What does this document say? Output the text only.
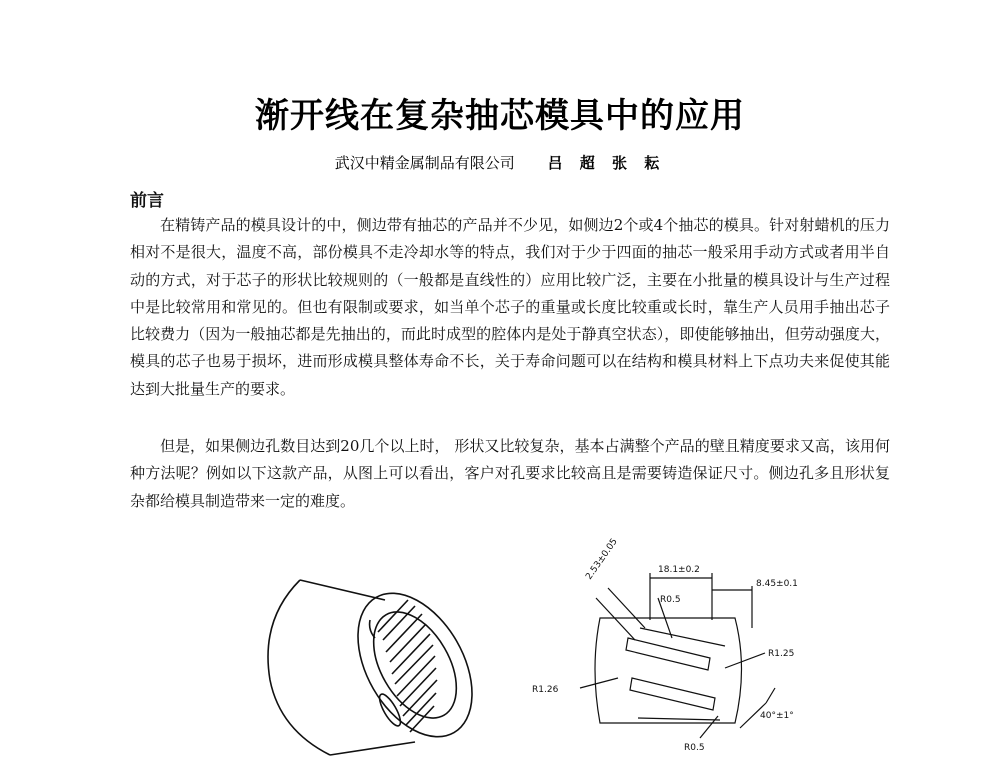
渐开线在复杂抽芯模具中的应用
武汉中精金属制品有限公司 吕 超 张 耘
前言

在精铸产品的模具设计的中，侧边带有抽芯的产品并不少见，如侧边2个或4个抽芯的模具。针对射蜡机的压力相对不是很大，温度不高，部份模具不走冷却水等的特点，我们对于少于四面的抽芯一般采用手动方式或者用半自动的方式，对于芯子的形状比较规则的（一般都是直线性的）应用比较广泛，主要在小批量的模具设计与生产过程中是比较常用和常见的。但也有限制或要求，如当单个芯子的重量或长度比较重或长时，靠生产人员用手抽出芯子比较费力（因为一般抽芯都是先抽出的，而此时成型的腔体内是处于静真空状态），即使能够抽出，但劳动强度大，模具的芯子也易于损坏，进而形成模具整体寿命不长，关于寿命问题可以在结构和模具材料上下点功夫来促使其能达到大批量生产的要求。

但是，如果侧边孔数目达到20几个以上时， 形状又比较复杂，基本占满整个产品的壁且精度要求又高，该用何种方法呢？例如以下这款产品，从图上可以看出，客户对孔要求比较高且是需要铸造保证尺寸。侧边孔多且形状复杂都给模具制造带来一定的难度。

2.53±0.05	18.1±0.2
8.45±0.1
R0.5
R1.25
R1.26
R0.5
40°±1°
